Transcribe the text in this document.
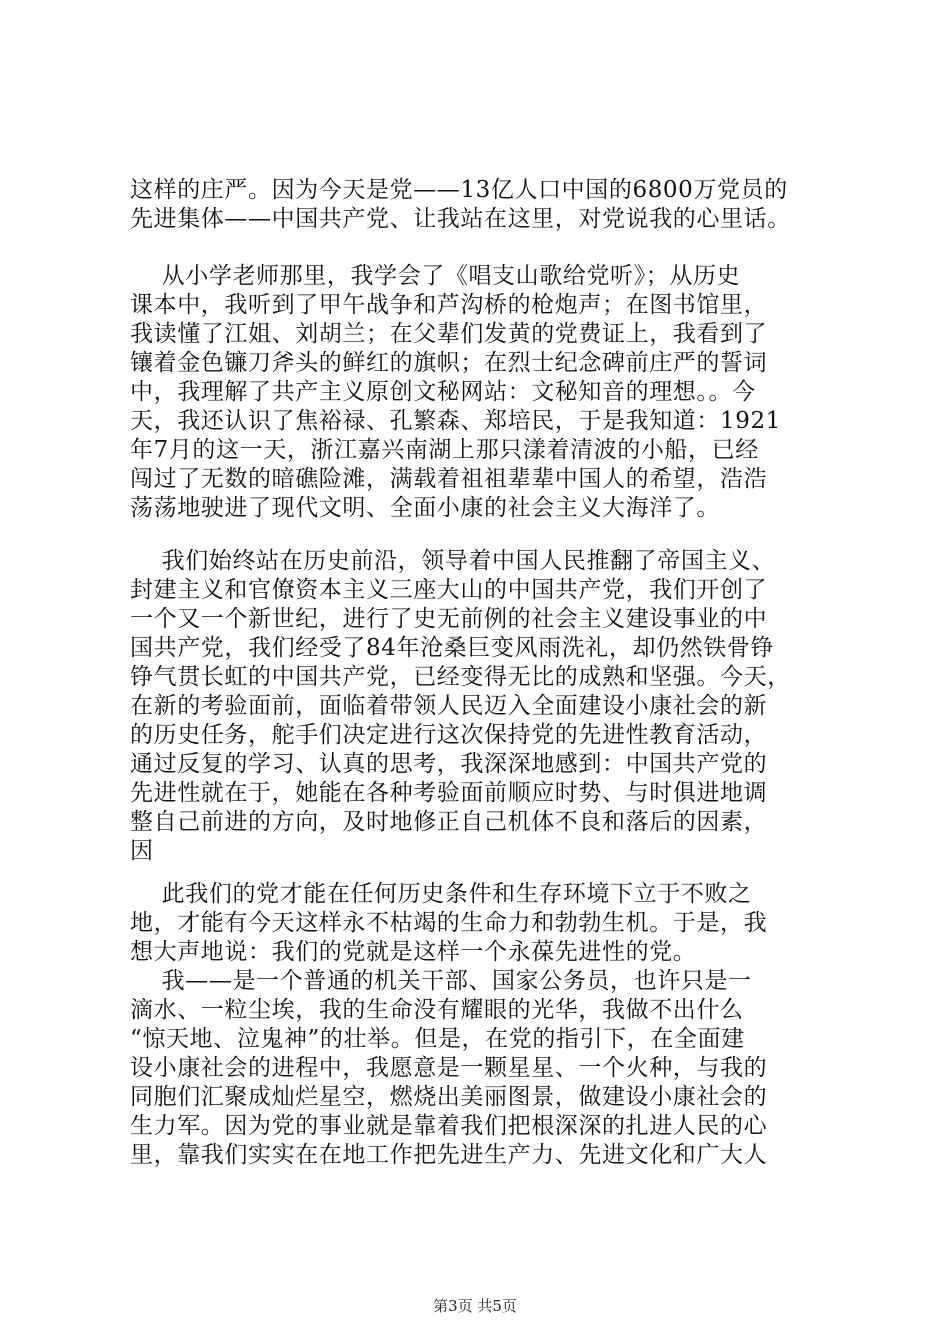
这样的庄严。因为今天是党——13亿人口中国的6800万党员的
先进集体——中国共产党、让我站在这里，对党说我的心里话。
从小学老师那里，我学会了《唱支山歌给党听》；从历史
课本中，我听到了甲午战争和芦沟桥的枪炮声；在图书馆里，
我读懂了江姐、刘胡兰；在父辈们发黄的党费证上，我看到了
镶着金色镰刀斧头的鲜红的旗帜；在烈士纪念碑前庄严的誓词
中，我理解了共产主义原创文秘网站：文秘知音的理想。。今
天，我还认识了焦裕禄、孔繁森、郑培民，于是我知道：1921
年7月的这一天，浙江嘉兴南湖上那只漾着清波的小船，已经
闯过了无数的暗礁险滩，满载着祖祖辈辈中国人的希望，浩浩
荡荡地驶进了现代文明、全面小康的社会主义大海洋了。
我们始终站在历史前沿，领导着中国人民推翻了帝国主义、
封建主义和官僚资本主义三座大山的中国共产党，我们开创了
一个又一个新世纪，进行了史无前例的社会主义建设事业的中
国共产党，我们经受了84年沧桑巨变风雨洗礼，却仍然铁骨铮
铮气贯长虹的中国共产党，已经变得无比的成熟和坚强。今天，
在新的考验面前，面临着带领人民迈入全面建设小康社会的新
的历史任务，舵手们决定进行这次保持党的先进性教育活动，
通过反复的学习、认真的思考，我深深地感到：中国共产党的
先进性就在于，她能在各种考验面前顺应时势、与时俱进地调
整自己前进的方向，及时地修正自己机体不良和落后的因素，
因
此我们的党才能在任何历史条件和生存环境下立于不败之
地，才能有今天这样永不枯竭的生命力和勃勃生机。于是，我
想大声地说：我们的党就是这样一个永葆先进性的党。
我——是一个普通的机关干部、国家公务员，也许只是一
滴水、一粒尘埃，我的生命没有耀眼的光华，我做不出什么
“惊天地、泣鬼神”的壮举。但是，在党的指引下，在全面建
设小康社会的进程中，我愿意是一颗星星、一个火种，与我的
同胞们汇聚成灿烂星空，燃烧出美丽图景，做建设小康社会的
生力军。因为党的事业就是靠着我们把根深深的扎进人民的心
里，靠我们实实在在地工作把先进生产力、先进文化和广大人
第3页 共5页
